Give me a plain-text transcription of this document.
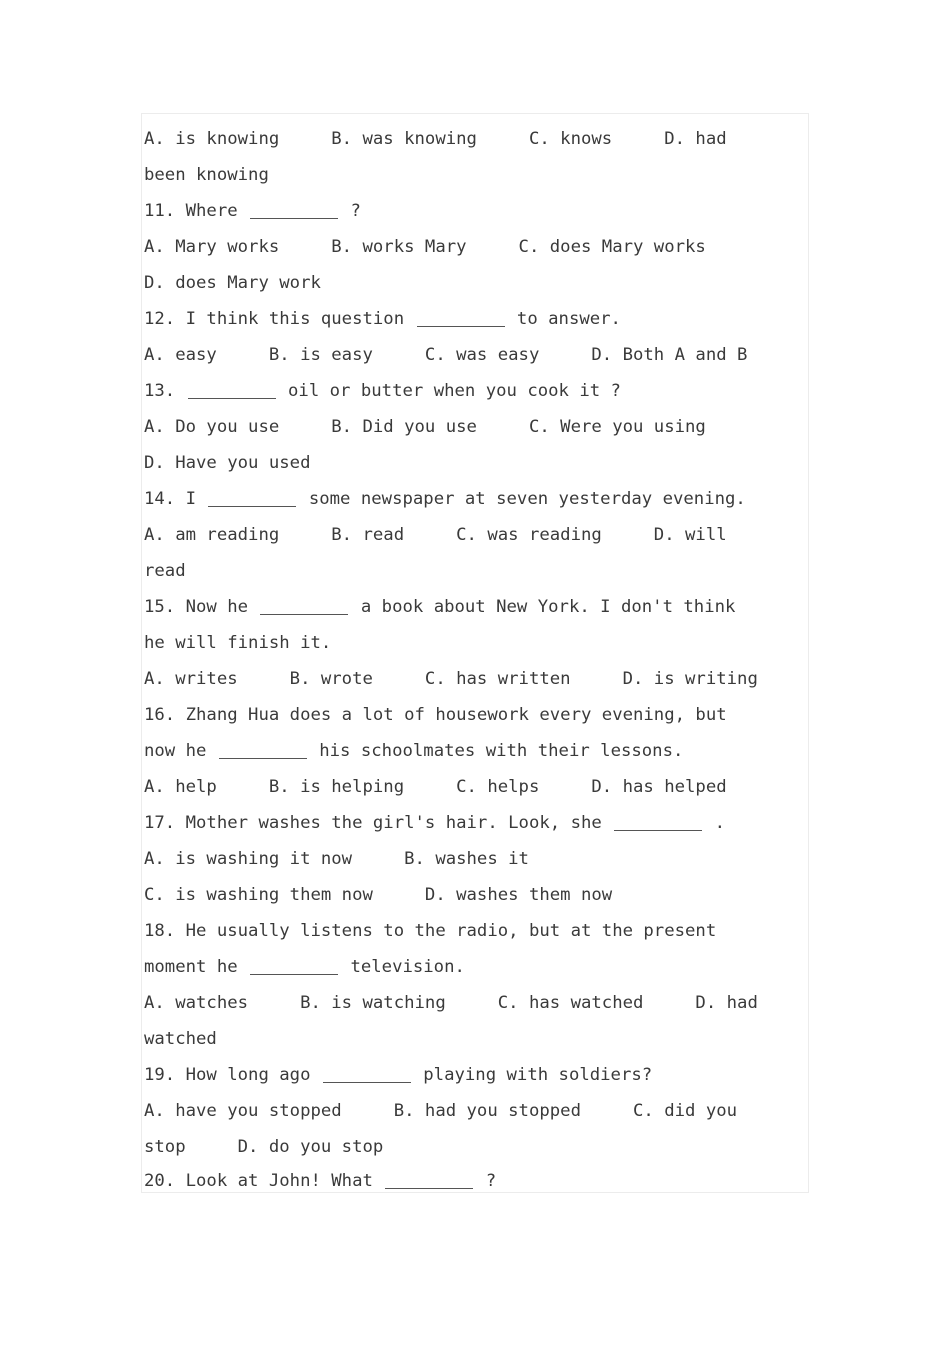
A. is knowing     B. was knowing     C. knows     D. had
been knowing
11. Where	?
A. Mary works     B. works Mary     C. does Mary works
D. does Mary work
12. I think this question	to answer.
A. easy     B. is easy     C. was easy     D. Both A and B
13.	oil or butter when you cook it ?
A. Do you use     B. Did you use     C. Were you using
D. Have you used
14. I	some newspaper at seven yesterday evening.
A. am reading     B. read     C. was reading     D. will
read
15. Now he	a book about New York. I don't think
he will finish it.
A. writes     B. wrote     C. has written     D. is writing
16. Zhang Hua does a lot of housework every evening, but
now he	his schoolmates with their lessons.
A. help     B. is helping     C. helps     D. has helped
17. Mother washes the girl's hair. Look, she	.
A. is washing it now     B. washes it
C. is washing them now     D. washes them now
18. He usually listens to the radio, but at the present
moment he	television.
A. watches     B. is watching     C. has watched     D. had
watched
19. How long ago	playing with soldiers?
A. have you stopped     B. had you stopped     C. did you
stop     D. do you stop
20. Look at John! What	?
